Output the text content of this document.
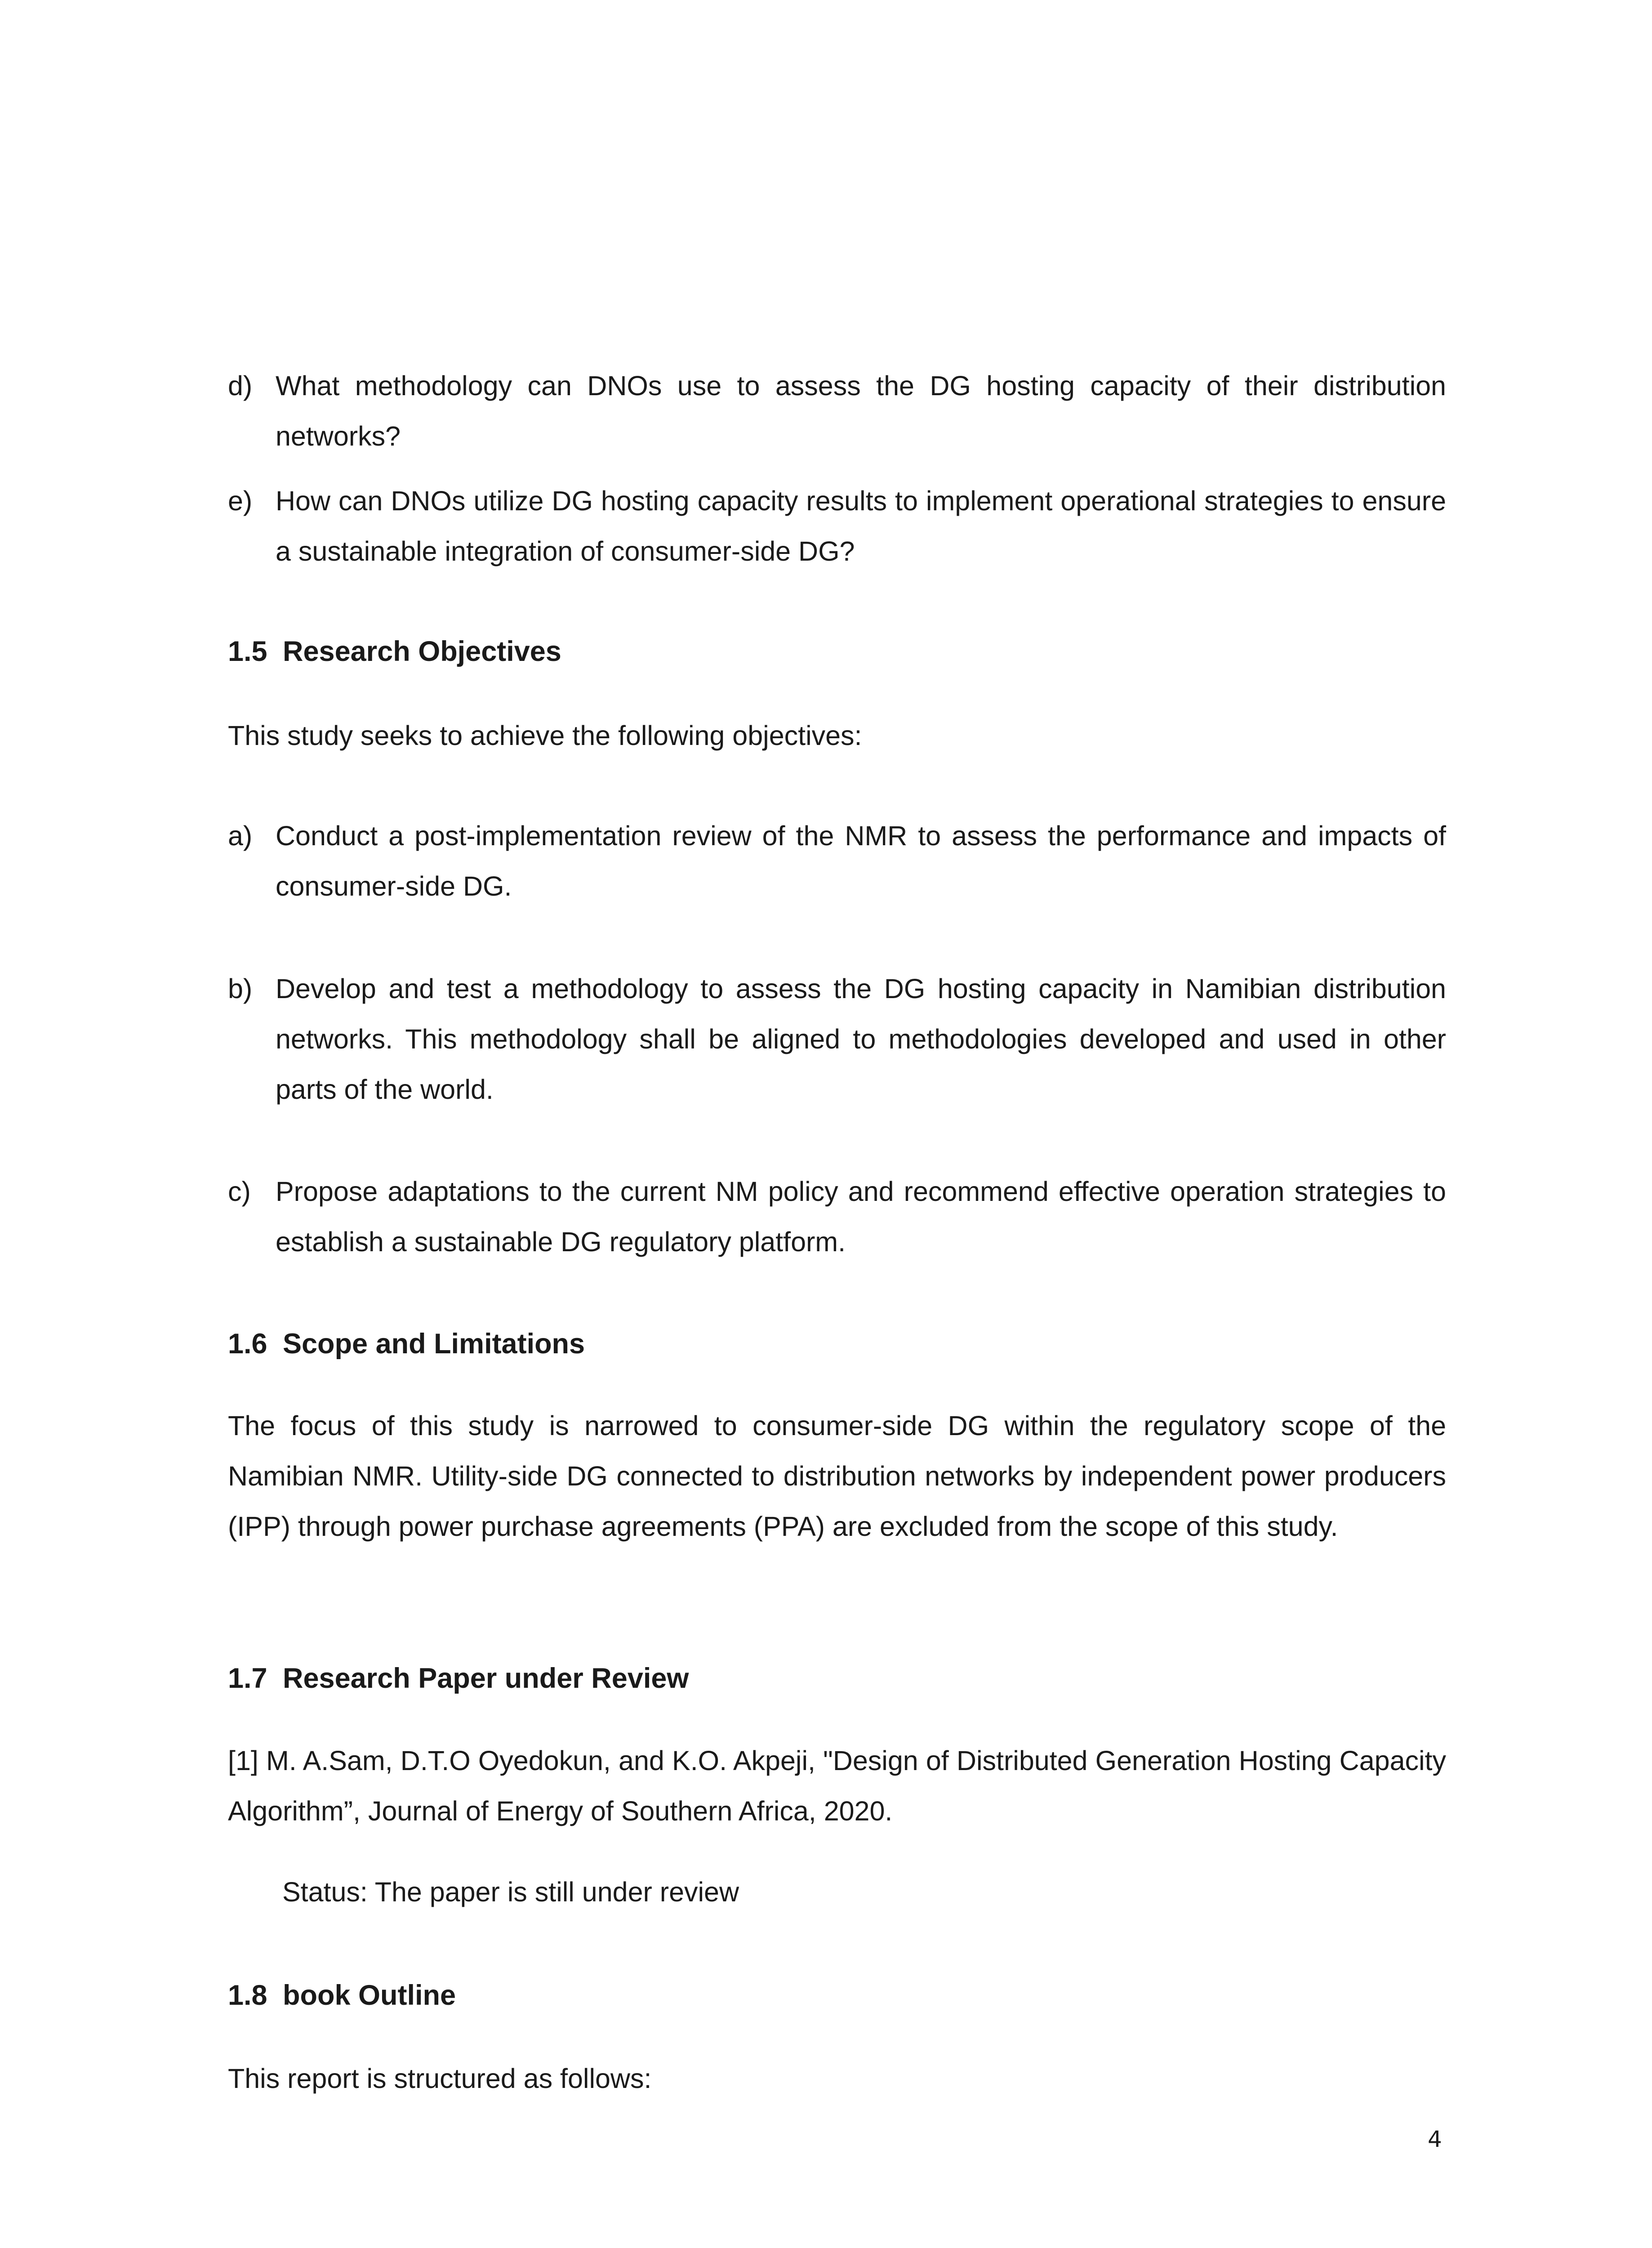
d) What methodology can DNOs use to assess the DG hosting capacity of their distribution networks?
e) How can DNOs utilize DG hosting capacity results to implement operational strategies to ensure a sustainable integration of consumer-side DG?
1.5 Research Objectives

This study seeks to achieve the following objectives:

a) Conduct a post-implementation review of the NMR to assess the performance and impacts of consumer-side DG.
b) Develop and test a methodology to assess the DG hosting capacity in Namibian distribution networks. This methodology shall be aligned to methodologies developed and used in other parts of the world.
c) Propose adaptations to the current NM policy and recommend effective operation strategies to establish a sustainable DG regulatory platform.
1.6 Scope and Limitations

The focus of this study is narrowed to consumer-side DG within the regulatory scope of the Namibian NMR. Utility-side DG connected to distribution networks by independent power producers (IPP) through power purchase agreements (PPA) are excluded from the scope of this study.

1.7 Research Paper under Review

[1] M. A.Sam, D.T.O Oyedokun, and K.O. Akpeji, "Design of Distributed Generation Hosting Capacity Algorithm”, Journal of Energy of Southern Africa, 2020.

Status: The paper is still under review

1.8 book Outline

This report is structured as follows:

4
